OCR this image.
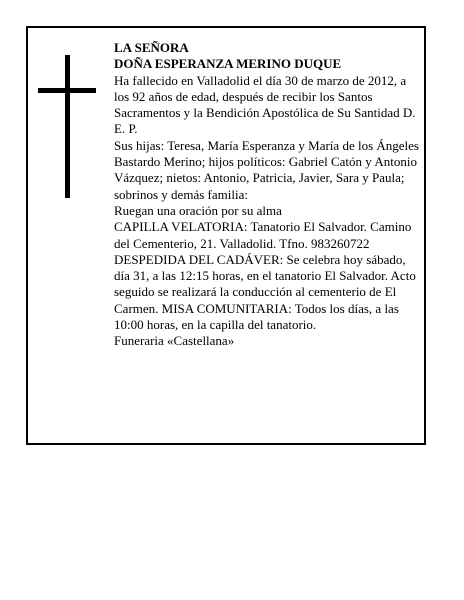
LA SEÑORA

DOÑA ESPERANZA MERINO DUQUE

Ha fallecido en Valladolid el día 30 de marzo de 2012, a los 92 años de edad, después de recibir los Santos Sacramentos y la Bendición Apostólica de Su Santidad D. E. P.

Sus hijas: Teresa, María Esperanza y María de los Ángeles Bastardo Merino; hijos políticos: Gabriel Catón y Antonio Vázquez; nietos: Antonio, Patricia, Javier, Sara y Paula; sobrinos y demás familia:

Ruegan una oración por su alma

CAPILLA VELATORIA: Tanatorio El Salvador. Camino del Cementerio, 21. Valladolid. Tfno. 983260722

DESPEDIDA DEL CADÁVER: Se celebra hoy sábado, día 31, a las 12:15 horas, en el tanatorio El Salvador. Acto seguido se realizará la conducción al cementerio de El Carmen. MISA COMUNITARIA: Todos los días, a las 10:00 horas, en la capilla del tanatorio.

Funeraria «Castellana»
